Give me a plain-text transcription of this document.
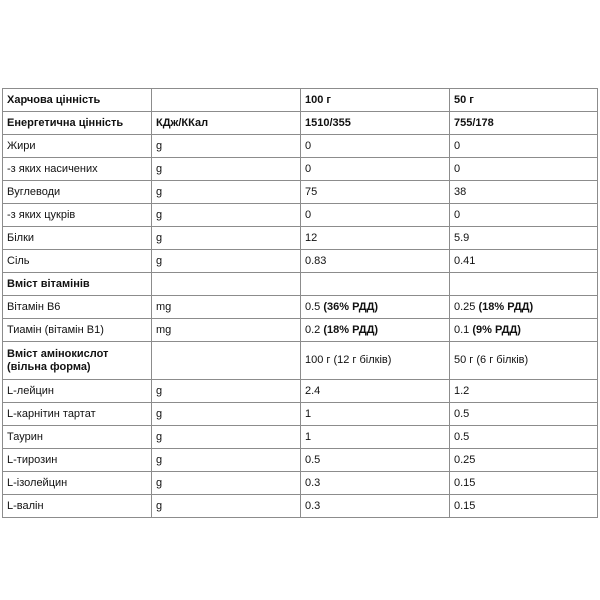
Харчова цінність		100 г	50 г
Енергетична цінність	КДж/ККал	1510/355	755/178
Жири	g	0	0
-з яких насичених	g	0	0
Вуглеводи	g	75	38
-з яких цукрів	g	0	0
Білки	g	12	5.9
Сіль	g	0.83	0.41
Вміст вітамінів			
Вітамін В6	mg	0.5 (36% РДД)	0.25 (18% РДД)
Тиамін (вітамін В1)	mg	0.2 (18% РДД)	0.1 (9% РДД)
Вміст амінокислот (вільна форма)		100 г (12 г білків)	50 г (6 г білків)
L-лейцин	g	2.4	1.2
L-карнітин тартат	g	1	0.5
Таурин	g	1	0.5
L-тирозин	g	0.5	0.25
L-ізолейцин	g	0.3	0.15
L-валін	g	0.3	0.15
